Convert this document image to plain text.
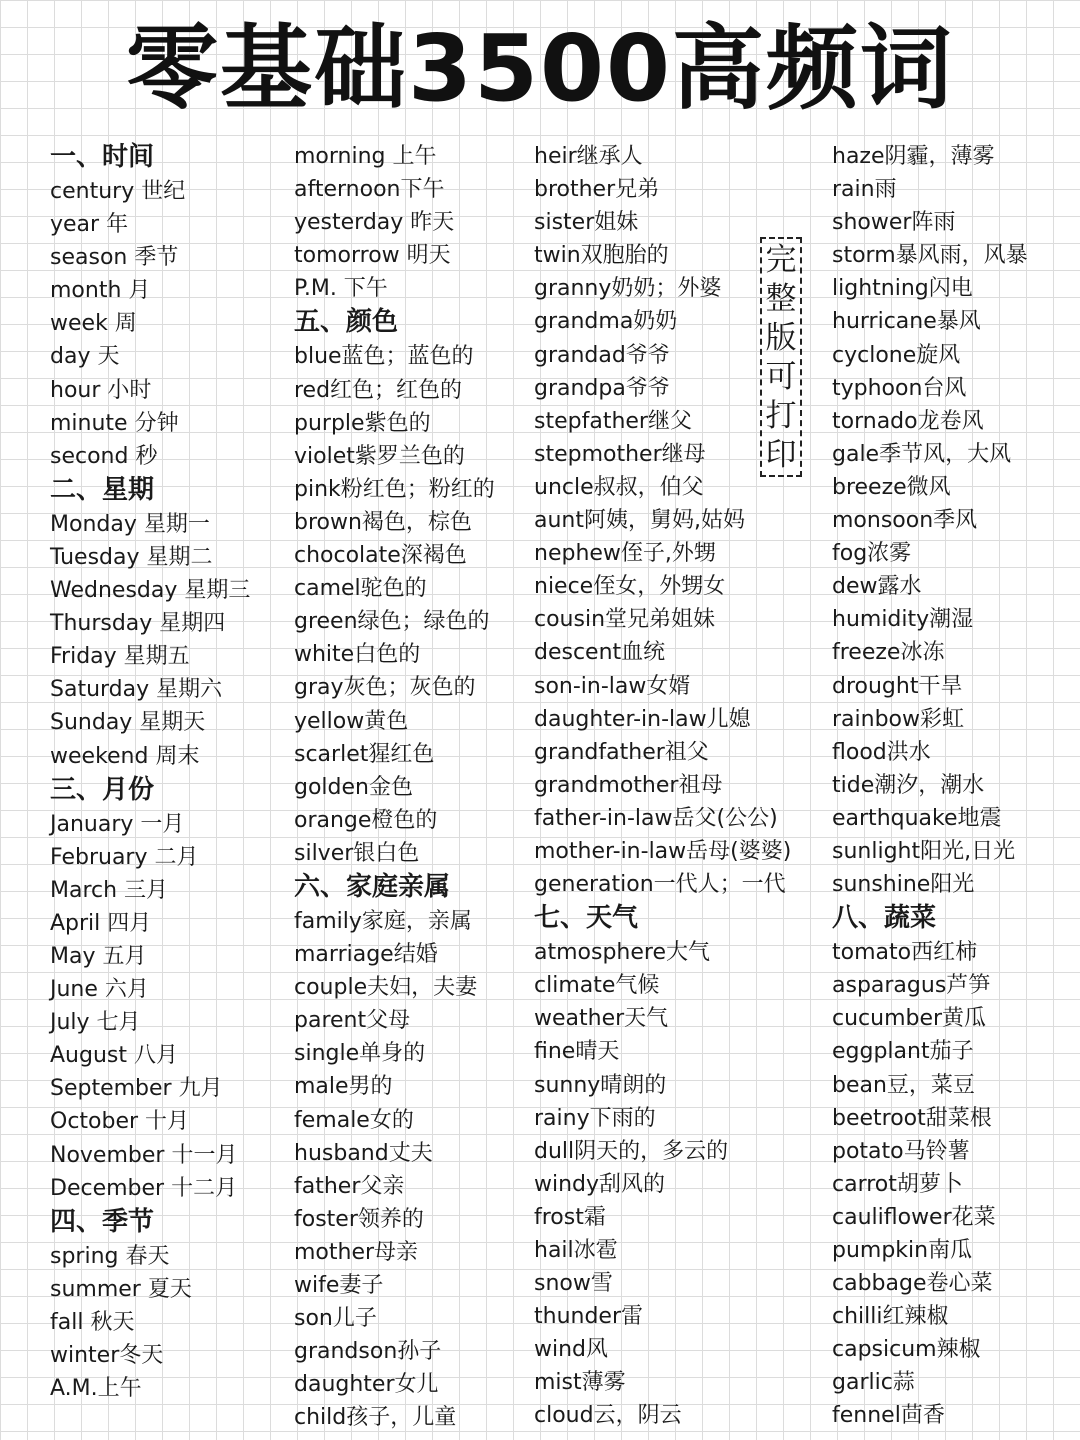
零基础3500高频词
一、时间
century 世纪
year 年
season 季节
month 月
week 周
day 天
hour 小时
minute 分钟
second 秒
二、星期
Monday 星期一
Tuesday 星期二
Wednesday 星期三
Thursday 星期四
Friday 星期五
Saturday 星期六
Sunday 星期天
weekend 周末
三、月份
January 一月
February 二月
March 三月
April 四月
May 五月
June 六月
July 七月
August 八月
September 九月
October 十月
November 十一月
December 十二月
四、季节
spring 春天
summer 夏天
fall 秋天
winter冬天
A.M.上午
morning 上午
afternoon下午
yesterday 昨天
tomorrow 明天
P.M. 下午
五、颜色
blue蓝色；蓝色的
red红色；红色的
purple紫色的
violet紫罗兰色的
pink粉红色；粉红的
brown褐色，棕色
chocolate深褐色
camel驼色的
green绿色；绿色的
white白色的
gray灰色；灰色的
yellow黄色
scarlet猩红色
golden金色
orange橙色的
silver银白色
六、家庭亲属
family家庭，亲属
marriage结婚
couple夫妇，夫妻
parent父母
single单身的
male男的
female女的
husband丈夫
father父亲
foster领养的
mother母亲
wife妻子
son儿子
grandson孙子
daughter女儿
child孩子，儿童
heir继承人
brother兄弟
sister姐妹
twin双胞胎的
granny奶奶；外婆
grandma奶奶
grandad爷爷
grandpa爷爷
stepfather继父
stepmother继母
uncle叔叔，伯父
aunt阿姨，舅妈,姑妈
nephew侄子,外甥
niece侄女，外甥女
cousin堂兄弟姐妹
descent血统
son-in-law女婿
daughter-in-law儿媳
grandfather祖父
grandmother祖母
father-in-law岳父(公公)
mother-in-law岳母(婆婆)
generation一代人；一代
七、天气
atmosphere大气
climate气候
weather天气
fine晴天
sunny晴朗的
rainy下雨的
dull阴天的，多云的
windy刮风的
frost霜
hail冰雹
snow雪
thunder雷
wind风
mist薄雾
cloud云，阴云
haze阴霾，薄雾
rain雨
shower阵雨
storm暴风雨，风暴
lightning闪电
hurricane暴风
cyclone旋风
typhoon台风
tornado龙卷风
gale季节风，大风
breeze微风
monsoon季风
fog浓雾
dew露水
humidity潮湿
freeze冰冻
drought干旱
rainbow彩虹
flood洪水
tide潮汐，潮水
earthquake地震
sunlight阳光,日光
sunshine阳光
八、蔬菜
tomato西红柿
asparagus芦笋
cucumber黄瓜
eggplant茄子
bean豆，菜豆
beetroot甜菜根
potato马铃薯
carrot胡萝卜
cauliflower花菜
pumpkin南瓜
cabbage卷心菜
chilli红辣椒
capsicum辣椒
garlic蒜
fennel茴香
完整版可打印
